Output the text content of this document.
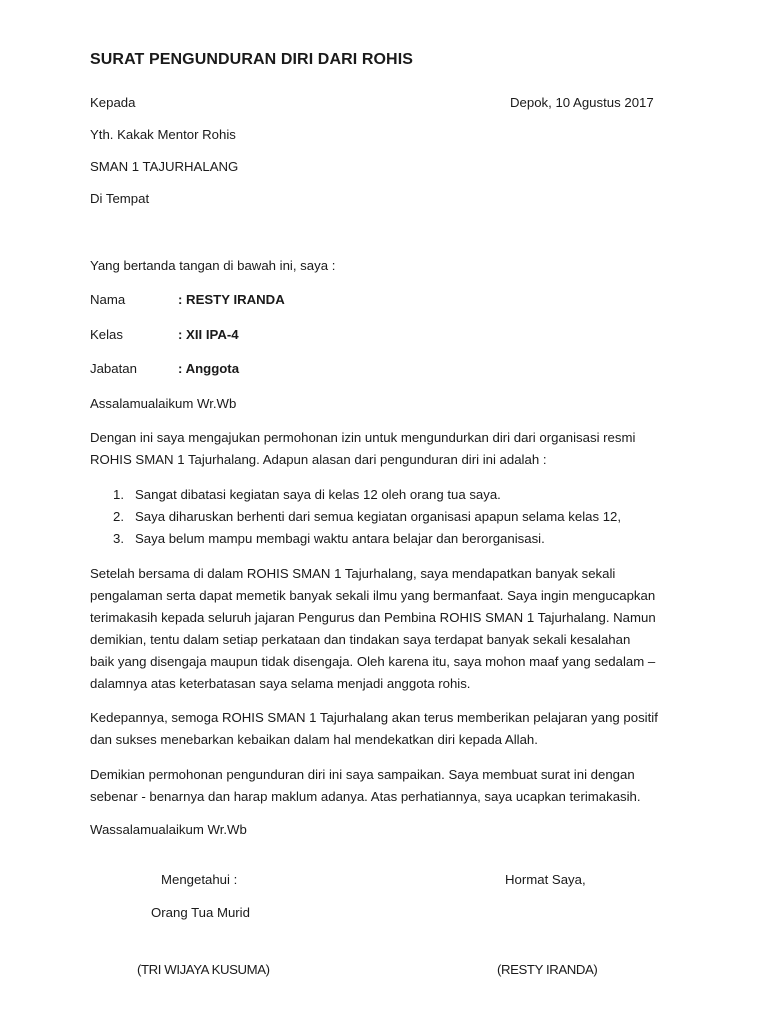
SURAT PENGUNDURAN DIRI DARI ROHIS
Kepada	Depok, 10 Agustus 2017
Yth. Kakak Mentor Rohis
SMAN 1 TAJURHALANG
Di Tempat
Yang bertanda tangan di bawah ini, saya :
Nama	: RESTY IRANDA
Kelas	: XII IPA-4
Jabatan	: Anggota
Assalamualaikum Wr.Wb
Dengan ini saya mengajukan permohonan izin untuk mengundurkan diri dari organisasi resmi
ROHIS SMAN 1 Tajurhalang. Adapun alasan dari pengunduran diri ini adalah :
1. Sangat dibatasi kegiatan saya di kelas 12 oleh orang tua saya.
2. Saya diharuskan berhenti dari semua kegiatan organisasi apapun selama kelas 12,
3. Saya belum mampu membagi waktu antara belajar dan berorganisasi.
Setelah bersama di dalam ROHIS SMAN 1 Tajurhalang, saya mendapatkan banyak sekali
pengalaman serta dapat memetik banyak sekali ilmu yang bermanfaat. Saya ingin mengucapkan
terimakasih kepada seluruh jajaran Pengurus dan Pembina ROHIS SMAN 1 Tajurhalang. Namun
demikian, tentu dalam setiap perkataan dan tindakan saya terdapat banyak sekali kesalahan
baik yang disengaja maupun tidak disengaja. Oleh karena itu, saya mohon maaf yang sedalam –
dalamnya atas keterbatasan saya selama menjadi anggota rohis.
Kedepannya, semoga ROHIS SMAN 1 Tajurhalang akan terus memberikan pelajaran yang positif
dan sukses menebarkan kebaikan dalam hal mendekatkan diri kepada Allah.
Demikian permohonan pengunduran diri ini saya sampaikan. Saya membuat surat ini dengan
sebenar - benarnya dan harap maklum adanya. Atas perhatiannya, saya ucapkan terimakasih.
Wassalamualaikum Wr.Wb
Mengetahui :
Orang Tua Murid
(TRI WIJAYA KUSUMA)
Hormat Saya,
(RESTY IRANDA)
